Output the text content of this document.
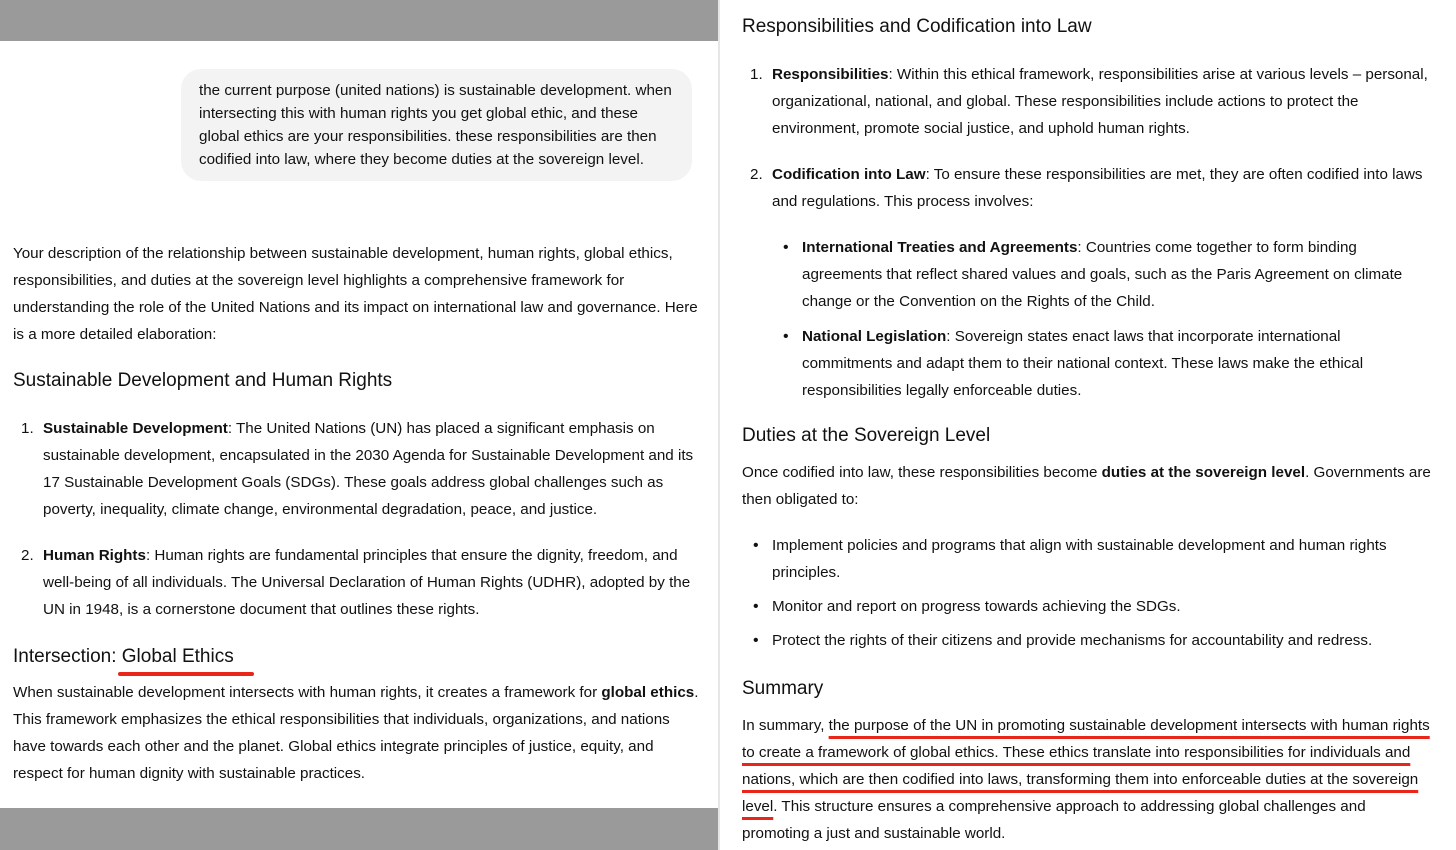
the current purpose (united nations) is sustainable development. when intersecting this with human rights you get global ethic, and these global ethics are your responsibilities. these responsibilities are then codified into law, where they become duties at the sovereign level.

Your description of the relationship between sustainable development, human rights, global ethics, responsibilities, and duties at the sovereign level highlights a comprehensive framework for understanding the role of the United Nations and its impact on international law and governance. Here is a more detailed elaboration:

Sustainable Development and Human Rights
1. Sustainable Development: The United Nations (UN) has placed a significant emphasis on sustainable development, encapsulated in the 2030 Agenda for Sustainable Development and its 17 Sustainable Development Goals (SDGs). These goals address global challenges such as poverty, inequality, climate change, environmental degradation, peace, and justice.
2. Human Rights: Human rights are fundamental principles that ensure the dignity, freedom, and well-being of all individuals. The Universal Declaration of Human Rights (UDHR), adopted by the UN in 1948, is a cornerstone document that outlines these rights.
Intersection: Global Ethics

When sustainable development intersects with human rights, it creates a framework for global ethics. This framework emphasizes the ethical responsibilities that individuals, organizations, and nations have towards each other and the planet. Global ethics integrate principles of justice, equity, and respect for human dignity with sustainable practices.

Responsibilities and Codification into Law
1. Responsibilities: Within this ethical framework, responsibilities arise at various levels – personal, organizational, national, and global. These responsibilities include actions to protect the environment, promote social justice, and uphold human rights.
2. Codification into Law: To ensure these responsibilities are met, they are often codified into laws and regulations. This process involves:
• International Treaties and Agreements: Countries come together to form binding agreements that reflect shared values and goals, such as the Paris Agreement on climate change or the Convention on the Rights of the Child.
• National Legislation: Sovereign states enact laws that incorporate international commitments and adapt them to their national context. These laws make the ethical responsibilities legally enforceable duties.
Duties at the Sovereign Level

Once codified into law, these responsibilities become duties at the sovereign level. Governments are then obligated to:

• Implement policies and programs that align with sustainable development and human rights principles.
• Monitor and report on progress towards achieving the SDGs.
• Protect the rights of their citizens and provide mechanisms for accountability and redress.
Summary

In summary, the purpose of the UN in promoting sustainable development intersects with human rights to create a framework of global ethics. These ethics translate into responsibilities for individuals and nations, which are then codified into laws, transforming them into enforceable duties at the sovereign level. This structure ensures a comprehensive approach to addressing global challenges and promoting a just and sustainable world.
